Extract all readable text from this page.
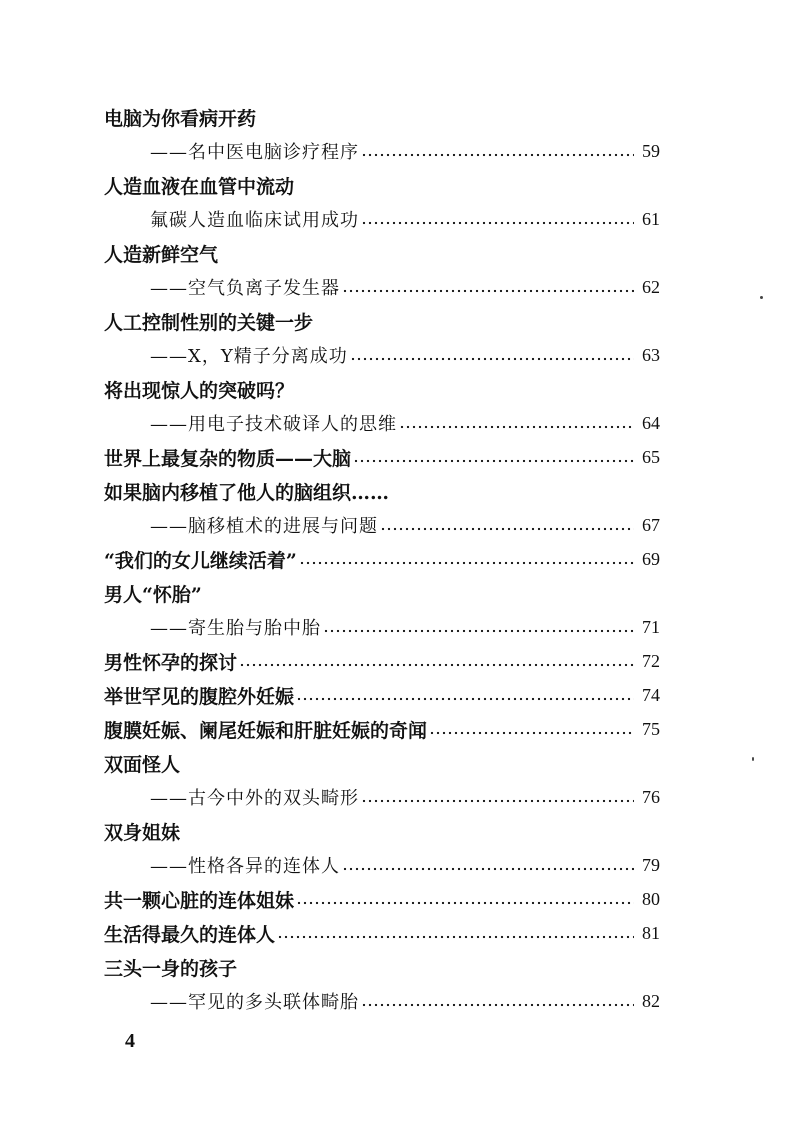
电脑为你看病开药
——名中医电脑诊疗程序	59
人造血液在血管中流动
氟碳人造血临床试用成功	61
人造新鲜空气
——空气负离子发生器	62
人工控制性别的关键一步
——X，Y精子分离成功	63
将出现惊人的突破吗？
——用电子技术破译人的思维	64
世界上最复杂的物质——大脑	65
如果脑内移植了他人的脑组织……
——脑移植术的进展与问题	67
“我们的女儿继续活着”	69
男人“怀胎”
——寄生胎与胎中胎	71
男性怀孕的探讨	72
举世罕见的腹腔外妊娠	74
腹膜妊娠、阑尾妊娠和肝脏妊娠的奇闻	75
双面怪人
——古今中外的双头畸形	76
双身姐妹
——性格各异的连体人	79
共一颗心脏的连体姐妹	80
生活得最久的连体人	81
三头一身的孩子
——罕见的多头联体畸胎	82
4
